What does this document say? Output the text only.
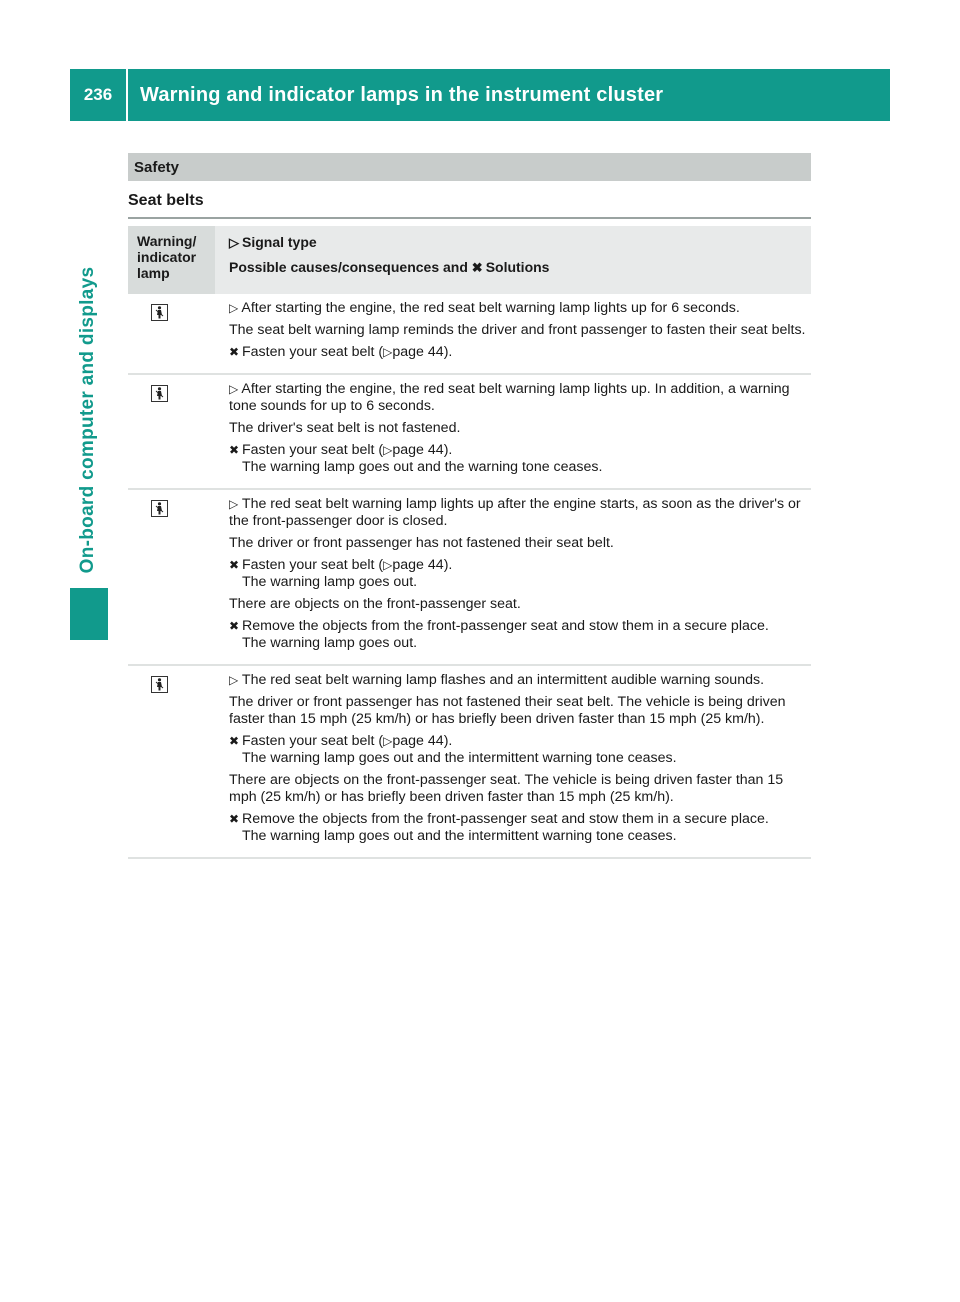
236	Warning and indicator lamps in the instrument cluster
On-board computer and displays
Safety
Seat belts
Warning/
indicator
lamp
▷ Signal type
Possible causes/consequences and ✖ Solutions

▷ After starting the engine, the red seat belt warning lamp lights up for 6 seconds.

The seat belt warning lamp reminds the driver and front passenger to fasten their seat belts.

✖ Fasten your seat belt (▷page 44).

▷ After starting the engine, the red seat belt warning lamp lights up. In addition, a warning tone sounds for up to 6 seconds.

The driver's seat belt is not fastened.

✖ Fasten your seat belt (▷page 44).
The warning lamp goes out and the warning tone ceases.

▷ The red seat belt warning lamp lights up after the engine starts, as soon as the driver's or the front-passenger door is closed.

The driver or front passenger has not fastened their seat belt.

✖ Fasten your seat belt (▷page 44).
The warning lamp goes out.

There are objects on the front-passenger seat.

✖ Remove the objects from the front-passenger seat and stow them in a secure place.
The warning lamp goes out.

▷ The red seat belt warning lamp flashes and an intermittent audible warning sounds.

The driver or front passenger has not fastened their seat belt. The vehicle is being driven faster than 15 mph (25 km/h) or has briefly been driven faster than 15 mph (25 km/h).

✖ Fasten your seat belt (▷page 44).
The warning lamp goes out and the intermittent warning tone ceases.

There are objects on the front-passenger seat. The vehicle is being driven faster than 15 mph (25 km/h) or has briefly been driven faster than 15 mph (25 km/h).

✖ Remove the objects from the front-passenger seat and stow them in a secure place.
The warning lamp goes out and the intermittent warning tone ceases.
